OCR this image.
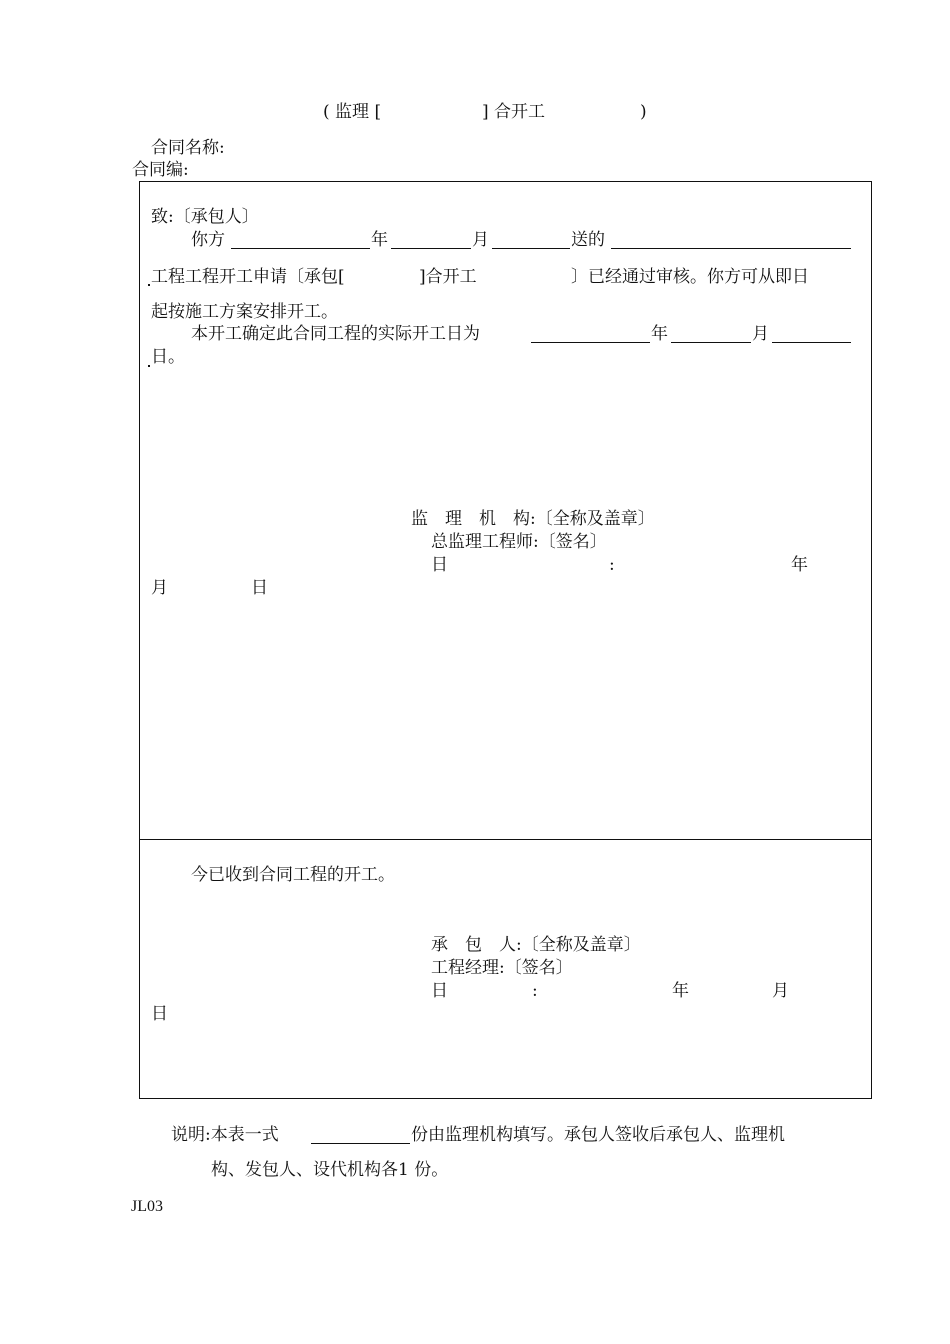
( 监理 [	] 合开工	)
合同名称:
合同编:
致:〔承包人〕
你方	年	月	送的
工程工程开工申请〔承包[	]合开工	〕已经通过审核。你方可从即日
起按施工方案安排开工。
本开工确定此合同工程的实际开工日为	年	月
日。
监　理　机　构:〔全称及盖章〕
总监理工程师:〔签名〕
日	:	年
月	日
今已收到合同工程的开工。
承　包　人:〔全称及盖章〕
工程经理:〔签名〕
日	:	年	月
日
说明:本表一式	份由监理机构填写。承包人签收后承包人、监理机
构、发包人、设代机构各1 份。
JL03
